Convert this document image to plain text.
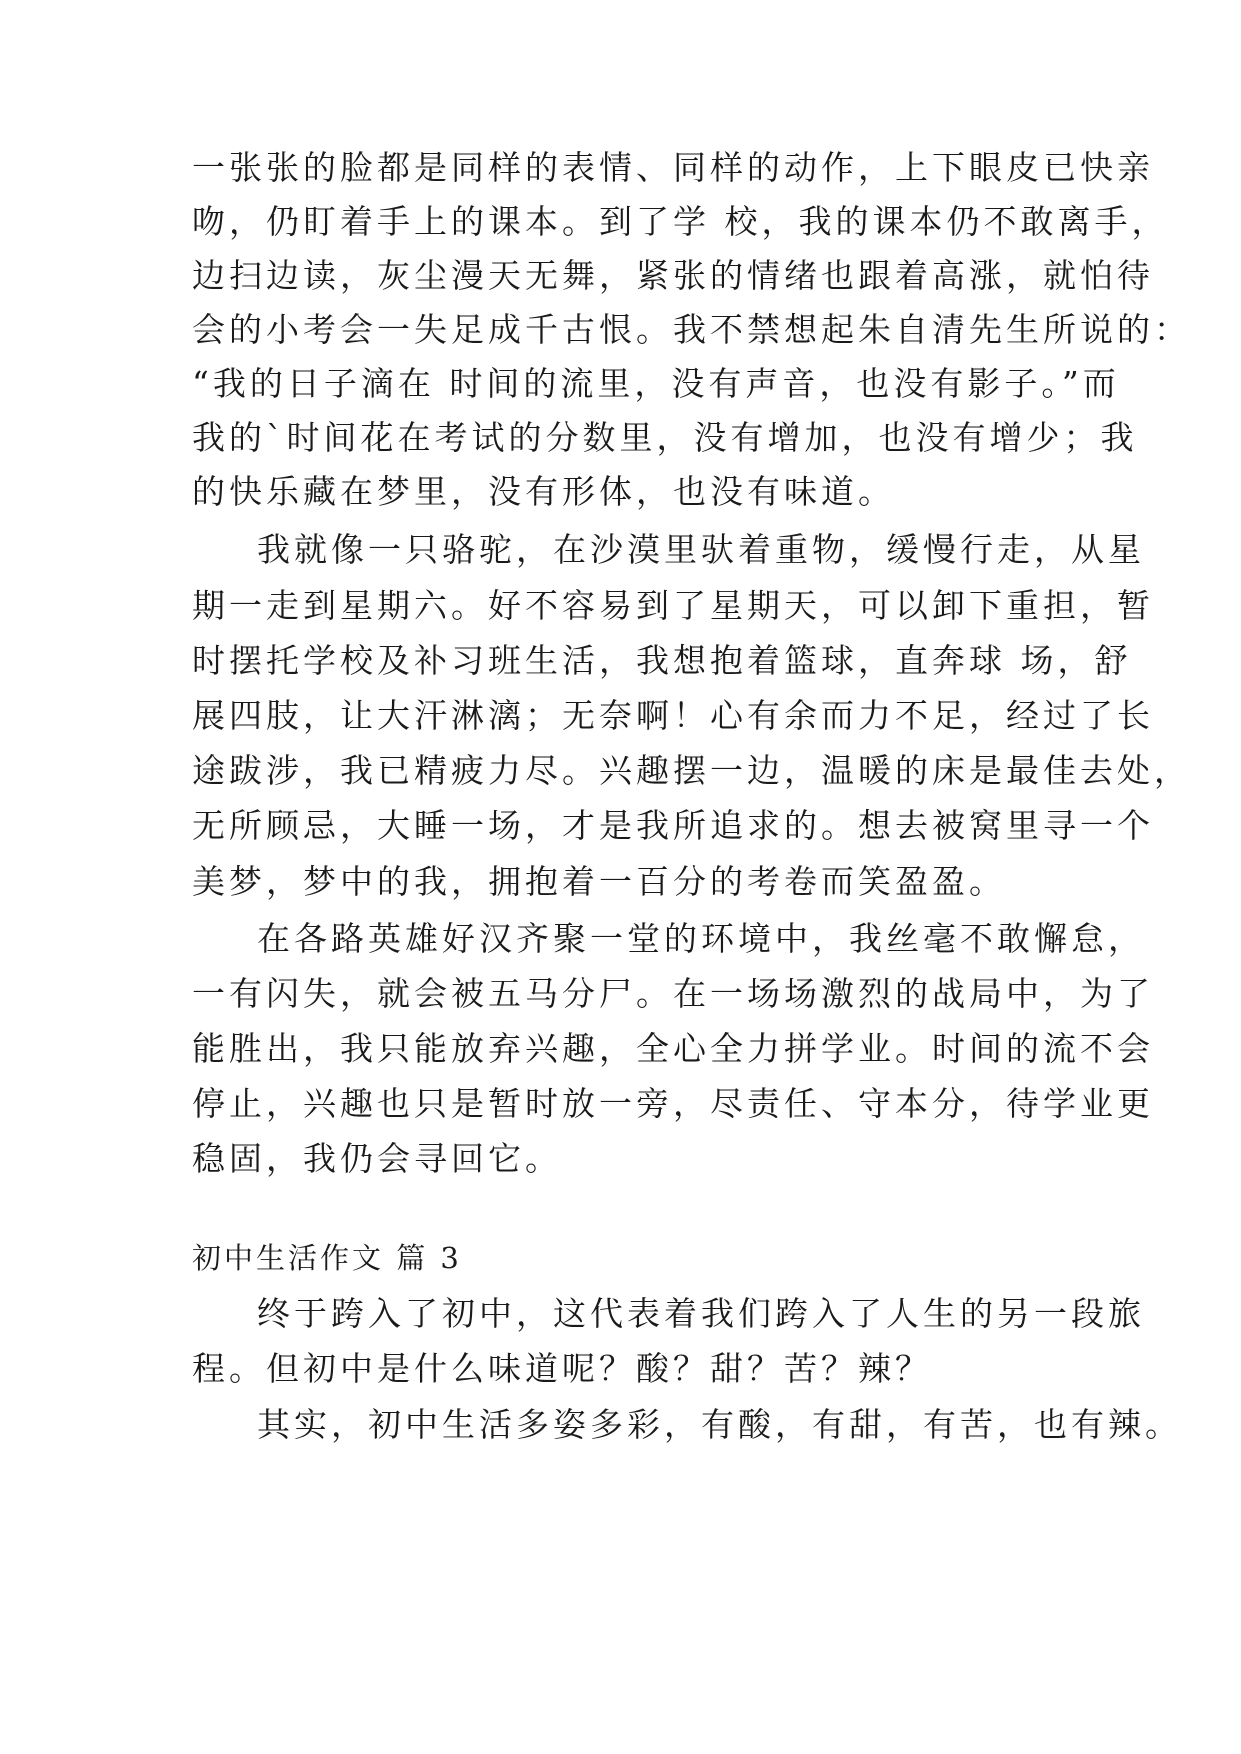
一张张的脸都是同样的表情、同样的动作，上下眼皮已快亲
吻，仍盯着手上的课本。到了学 校，我的课本仍不敢离手，
边扫边读，灰尘漫天无舞，紧张的情绪也跟着高涨，就怕待
会的小考会一失足成千古恨。我不禁想起朱自清先生所说的：
“我的日子滴在 时间的流里，没有声音，也没有影子。”而
我的`时间花在考试的分数里，没有增加，也没有增少；我
的快乐藏在梦里，没有形体，也没有味道。
我就像一只骆驼，在沙漠里驮着重物，缓慢行走，从星
期一走到星期六。好不容易到了星期天，可以卸下重担，暂
时摆托学校及补习班生活，我想抱着篮球，直奔球 场，舒
展四肢，让大汗淋漓；无奈啊！心有余而力不足，经过了长
途跋涉，我已精疲力尽。兴趣摆一边，温暖的床是最佳去处，
无所顾忌，大睡一场，才是我所追求的。想去被窝里寻一个
美梦，梦中的我，拥抱着一百分的考卷而笑盈盈。
在各路英雄好汉齐聚一堂的环境中，我丝毫不敢懈怠，
一有闪失，就会被五马分尸。在一场场激烈的战局中，为了
能胜出，我只能放弃兴趣，全心全力拼学业。时间的流不会
停止，兴趣也只是暂时放一旁，尽责任、守本分，待学业更
稳固，我仍会寻回它。
初中生活作文 篇 3
终于跨入了初中，这代表着我们跨入了人生的另一段旅
程。但初中是什么味道呢？酸？甜？苦？辣？
其实，初中生活多姿多彩，有酸，有甜，有苦，也有辣。
